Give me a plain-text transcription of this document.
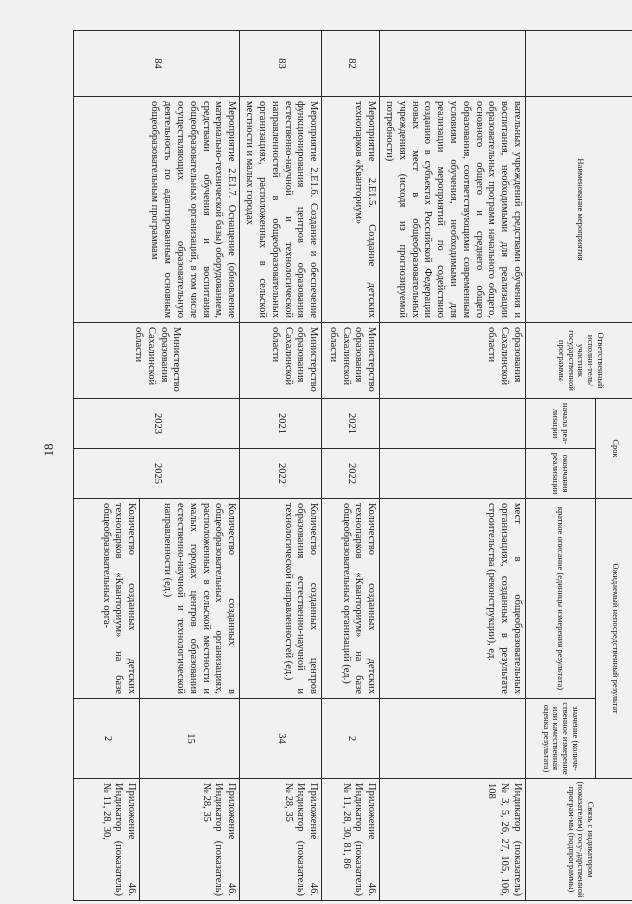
18
	Наименование мероприятия	Ответственный исполни-тель/участник государственной программы	Срок		Ожидаемый непосредственный результат		Связь с индикатором (показателем) госу-дарственной програм-мы (подпрограммы)
			начала реа-лизации	окончания реализации	краткое описание (единицы измерения результата)	значение (количе-ственное измерение или качественная оценка результата)	
	вательных учреждений средствами обучения и воспитания, необходимыми для реализации образовательных программ начального общего, основного общего и среднего общего образования, соответствующими современным условиям обучения, необходимыми для реализации мероприятий по содействию созданию в субъектах Российской Федерации новых мест в общеобразовательных учреждениях (исходя из прогнозируемой потребности)	образования Сахалинской области			мест в общеобразовательных организациях, созданных в результате строительства (реконструкции), ед.		Индикатор (показатель) № 3, 5, 26, 27, 105, 106, 108
82	Мероприятие 2.Е1.5. Создание детских технопарков «Кванториум»	Министерство образования Сахалинской области	2021	2022	Количество созданных детских технопарков «Кванториум» на базе общеобразовательных организаций (ед.)	2	Приложение 46. Индикатор (показатель) № 11, 28, 30, 81, 86
83	Мероприятие 2.Е1.6. Создание и обеспечение функционирования центров образования естественно-научной и технологической направленностей в общеобразовательных организациях, расположенных в сельской местности и малых городах	Министерство образования Сахалинской области	2021	2022	Количество созданных центров образования естественно-научной и технологической направленностей (ед.)	34	Приложение 46. Индикатор (показатель) № 28, 35
84	Мероприятие 2.Е1.7. Оснащение (обновление материально-технической базы) оборудованием, средствами обучения и воспитания общеобразовательных организаций, в том числе осуществляющих образовательную деятельность по адаптированным основным общеобразовательным программам	Министерство образования Сахалинской области	2023	2025	Количество созданных в общеобразовательных организациях, расположенных в сельской местности и малых городах центров образования естественно-научной и технологической направленности (ед.)	15	Приложение 46. Индикатор (показатель) № 28, 35
					Количество созданных детских технопарков «Кванториум» на базе общеобразовательных орга-	2	Приложение 46. Индикатор (показатель) № 11, 28, 30,
